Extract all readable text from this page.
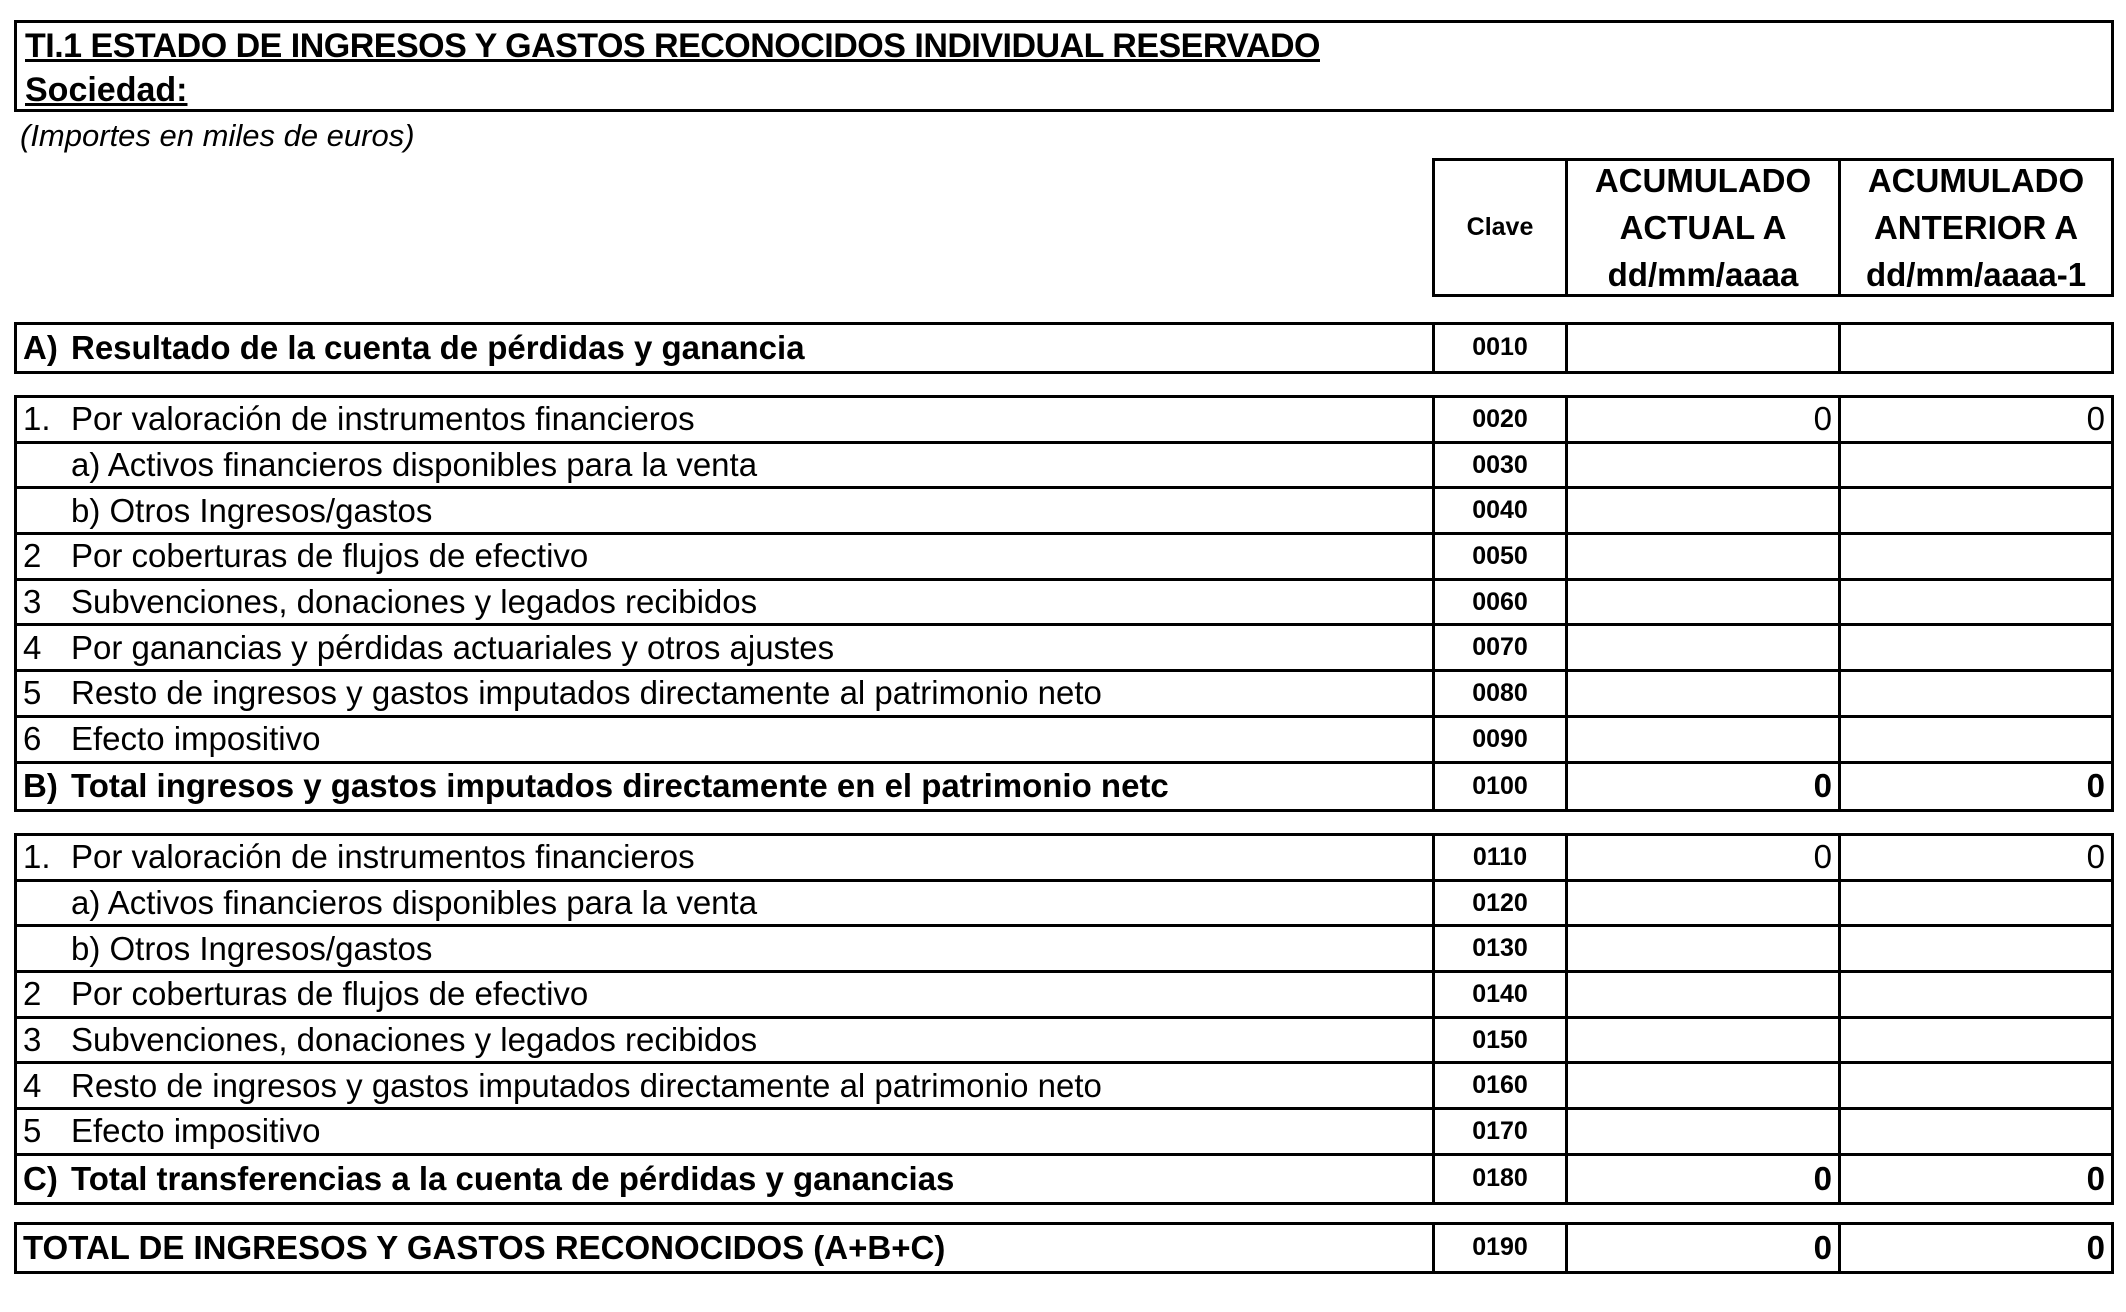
TI.1 ESTADO DE INGRESOS Y GASTOS RECONOCIDOS INDIVIDUAL RESERVADO
Sociedad:
(Importes en miles de euros)
Clave
ACUMULADO
ACTUAL A
dd/mm/aaaa
ACUMULADO
ANTERIOR A
dd/mm/aaaa-1
A) Resultado de la cuenta de pérdidas y ganancia	0010
1. Por valoración de instrumentos financieros	0020	0	0
a) Activos financieros disponibles para la venta	0030
b) Otros Ingresos/gastos	0040
2 Por coberturas de flujos de efectivo	0050
3 Subvenciones, donaciones y legados recibidos	0060
4 Por ganancias y pérdidas actuariales y otros ajustes	0070
5 Resto de ingresos y gastos imputados directamente al patrimonio neto	0080
6 Efecto impositivo	0090
B) Total ingresos y gastos imputados directamente en el patrimonio netc	0100	0	0
1. Por valoración de instrumentos financieros	0110	0	0
a) Activos financieros disponibles para la venta	0120
b) Otros Ingresos/gastos	0130
2 Por coberturas de flujos de efectivo	0140
3 Subvenciones, donaciones y legados recibidos	0150
4 Resto de ingresos y gastos imputados directamente al patrimonio neto	0160
5 Efecto impositivo	0170
C) Total transferencias a la cuenta de pérdidas y ganancias	0180	0	0
TOTAL DE INGRESOS Y GASTOS RECONOCIDOS (A+B+C)	0190	0	0
